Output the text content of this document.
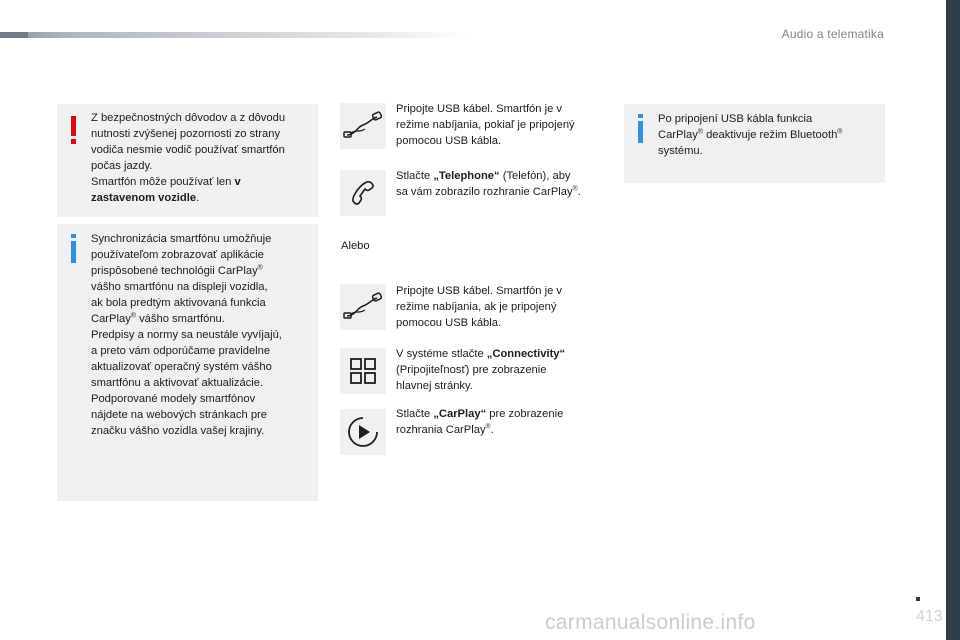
Audio a telematika
Z bezpečnostných dôvodov a z dôvodu
nutnosti zvýšenej pozornosti zo strany
vodiča nesmie vodič používať smartfón
počas jazdy.
Smartfón môže používať len v
zastavenom vozidle.
Synchronizácia smartfónu umožňuje
používateľom zobrazovať aplikácie
prispôsobené technológii CarPlay®
vášho smartfónu na displeji vozidla,
ak bola predtým aktivovaná funkcia
CarPlay® vášho smartfónu.
Predpisy a normy sa neustále vyvíjajú,
a preto vám odporúčame pravidelne
aktualizovať operačný systém vášho
smartfónu a aktivovať aktualizácie.
Podporované modely smartfónov
nájdete na webových stránkach pre
značku vášho vozidla vašej krajiny.
Pripojte USB kábel. Smartfón je v
režime nabíjania, pokiaľ je pripojený
pomocou USB kábla.
Stlačte „Telephone“ (Telefón), aby
sa vám zobrazilo rozhranie CarPlay®.
Alebo
Pripojte USB kábel. Smartfón je v
režime nabíjania, ak je pripojený
pomocou USB kábla.
V systéme stlačte „Connectivity“
(Pripojiteľnosť) pre zobrazenie
hlavnej stránky.
Stlačte „CarPlay“ pre zobrazenie
rozhrania CarPlay®.
Po pripojení USB kábla funkcia
CarPlay® deaktivuje režim Bluetooth®
systému.
413
carmanualsonline.info
